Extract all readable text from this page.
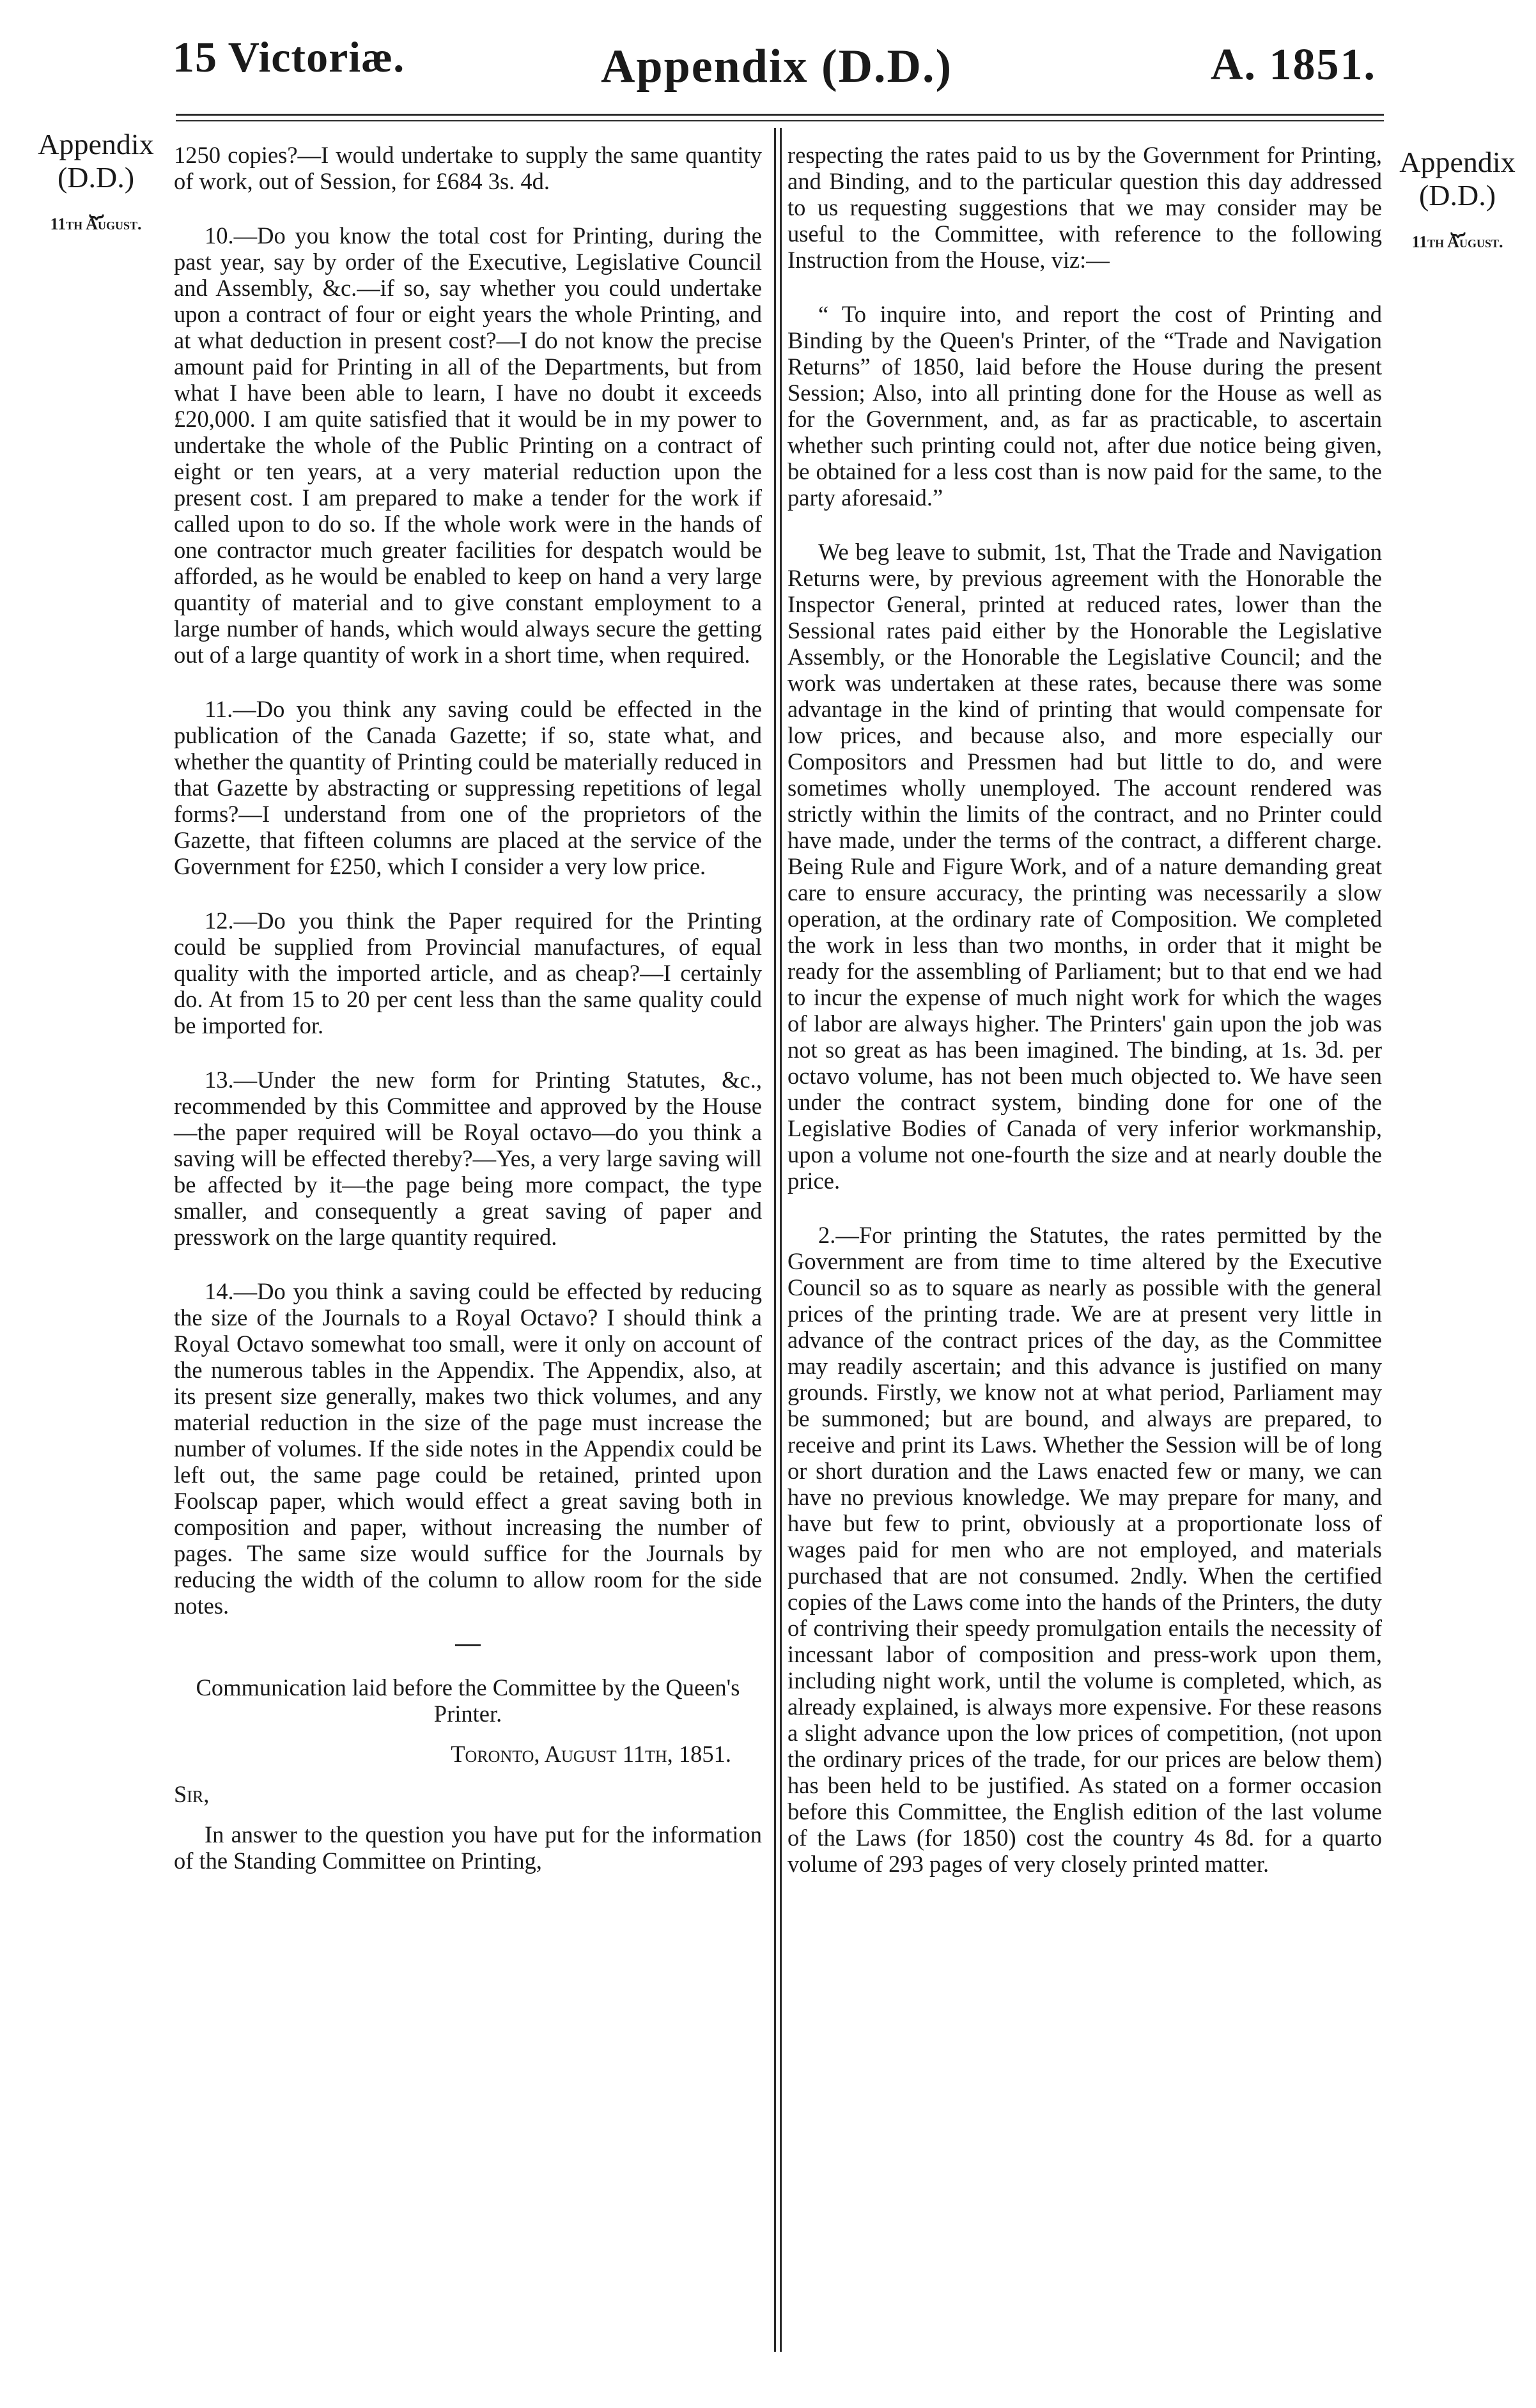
15 Victoriæ.	Appendix (D.D.)	A. 1851.
Appendix
(D.D.)
⏟
11th August.
Appendix
(D.D.)
⏟
11th August.

1250 copies?—I would undertake to supply the same quantity of work, out of Session, for £684 3s. 4d.

10.—Do you know the total cost for Printing, during the past year, say by order of the Executive, Legislative Council and Assembly, &c.—if so, say whether you could undertake upon a contract of four or eight years the whole Printing, and at what deduction in present cost?—I do not know the precise amount paid for Printing in all of the Departments, but from what I have been able to learn, I have no doubt it exceeds £20,000. I am quite satisfied that it would be in my power to undertake the whole of the Public Printing on a contract of eight or ten years, at a very material reduction upon the present cost. I am prepared to make a tender for the work if called upon to do so. If the whole work were in the hands of one contractor much greater facilities for despatch would be afforded, as he would be enabled to keep on hand a very large quantity of material and to give constant employment to a large number of hands, which would always secure the getting out of a large quantity of work in a short time, when required.

11.—Do you think any saving could be effected in the publication of the Canada Gazette; if so, state what, and whether the quantity of Printing could be materially reduced in that Gazette by abstracting or suppressing repetitions of legal forms?—I understand from one of the proprietors of the Gazette, that fifteen columns are placed at the service of the Government for £250, which I consider a very low price.

12.—Do you think the Paper required for the Printing could be supplied from Provincial manufactures, of equal quality with the imported article, and as cheap?—I certainly do. At from 15 to 20 per cent less than the same quality could be imported for.

13.—Under the new form for Printing Statutes, &c., recommended by this Committee and approved by the House—the paper required will be Royal octavo—do you think a saving will be effected thereby?—Yes, a very large saving will be affected by it—the page being more compact, the type smaller, and consequently a great saving of paper and presswork on the large quantity required.

14.—Do you think a saving could be effected by reducing the size of the Journals to a Royal Octavo? I should think a Royal Octavo somewhat too small, were it only on account of the numerous tables in the Appendix. The Appendix, also, at its present size generally, makes two thick volumes, and any material reduction in the size of the page must increase the number of volumes. If the side notes in the Appendix could be left out, the same page could be retained, printed upon Foolscap paper, which would effect a great saving both in composition and paper, without increasing the number of pages. The same size would suffice for the Journals by reducing the width of the column to allow room for the side notes.

Communication laid before the Committee by the Queen's Printer.

Toronto, August 11th, 1851.

Sir,

In answer to the question you have put for the information of the Standing Committee on Printing,

respecting the rates paid to us by the Government for Printing, and Binding, and to the particular question this day addressed to us requesting suggestions that we may consider may be useful to the Committee, with reference to the following Instruction from the House, viz:—

“ To inquire into, and report the cost of Printing and Binding by the Queen's Printer, of the “Trade and Navigation Returns” of 1850, laid before the House during the present Session; Also, into all printing done for the House as well as for the Government, and, as far as practicable, to ascertain whether such printing could not, after due notice being given, be obtained for a less cost than is now paid for the same, to the party aforesaid.”

We beg leave to submit, 1st, That the Trade and Navigation Returns were, by previous agreement with the Honorable the Inspector General, printed at reduced rates, lower than the Sessional rates paid either by the Honorable the Legislative Assembly, or the Honorable the Legislative Council; and the work was undertaken at these rates, because there was some advantage in the kind of printing that would compensate for low prices, and because also, and more especially our Compositors and Pressmen had but little to do, and were sometimes wholly unemployed. The account rendered was strictly within the limits of the contract, and no Printer could have made, under the terms of the contract, a different charge. Being Rule and Figure Work, and of a nature demanding great care to ensure accuracy, the printing was necessarily a slow operation, at the ordinary rate of Composition. We completed the work in less than two months, in order that it might be ready for the assembling of Parliament; but to that end we had to incur the expense of much night work for which the wages of labor are always higher. The Printers' gain upon the job was not so great as has been imagined. The binding, at 1s. 3d. per octavo volume, has not been much objected to. We have seen under the contract system, binding done for one of the Legislative Bodies of Canada of very inferior workmanship, upon a volume not one-fourth the size and at nearly double the price.

2.—For printing the Statutes, the rates permitted by the Government are from time to time altered by the Executive Council so as to square as nearly as possible with the general prices of the printing trade. We are at present very little in advance of the contract prices of the day, as the Committee may readily ascertain; and this advance is justified on many grounds. Firstly, we know not at what period, Parliament may be summoned; but are bound, and always are prepared, to receive and print its Laws. Whether the Session will be of long or short duration and the Laws enacted few or many, we can have no previous knowledge. We may prepare for many, and have but few to print, obviously at a proportionate loss of wages paid for men who are not employed, and materials purchased that are not consumed. 2ndly. When the certified copies of the Laws come into the hands of the Printers, the duty of contriving their speedy promulgation entails the necessity of incessant labor of composition and press-work upon them, including night work, until the volume is completed, which, as already explained, is always more expensive. For these reasons a slight advance upon the low prices of competition, (not upon the ordinary prices of the trade, for our prices are below them) has been held to be justified. As stated on a former occasion before this Committee, the English edition of the last volume of the Laws (for 1850) cost the country 4s 8d. for a quarto volume of 293 pages of very closely printed matter.
